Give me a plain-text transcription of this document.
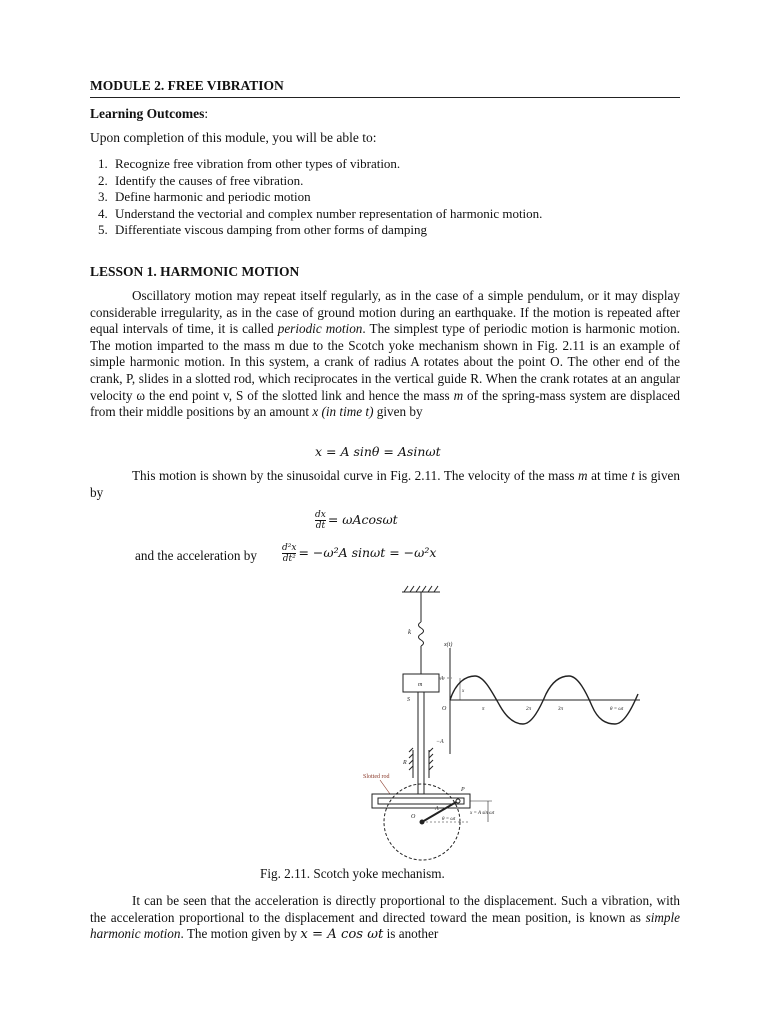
MODULE 2. FREE VIBRATION
Learning Outcomes:
Upon completion of this module, you will be able to:
1. Recognize free vibration from other types of vibration.
2. Identify the causes of free vibration.
3. Define harmonic and periodic motion
4. Understand the vectorial and complex number representation of harmonic motion.
5. Differentiate viscous damping from other forms of damping
LESSON 1. HARMONIC MOTION

Oscillatory motion may repeat itself regularly, as in the case of a simple pendulum, or it may display considerable irregularity, as in the case of ground motion during an earthquake. If the motion is repeated after equal intervals of time, it is called periodic motion. The simplest type of periodic motion is harmonic motion. The motion imparted to the mass m due to the Scotch yoke mechanism shown in Fig. 2.11 is an example of simple harmonic motion. In this system, a crank of radius A rotates about the point O. The other end of the crank, P, slides in a slotted rod, which reciprocates in the vertical guide R. When the crank rotates at an angular velocity ω the end point v, S of the slotted link and hence the mass m of the spring-mass system are displaced from their middle positions by an amount x (in time t) given by

x = A sinθ = Asinωt

This motion is shown by the sinusoidal curve in Fig. 2.11. The velocity of the mass m at time t is given by

$\frac{dx}{dt} = \omega Acos\omega t$
and the acceleration by	$\frac{\text{d²x}}{\text{dt²}} = -\omega^2A$ sinωt = −ω²x
k
m
S
R
Slotted rod
P
A
O	θ = ωt
x = A sin ωt
x(t)
A
−A
O	π	2π	3π	θ = ωt
x
Fig. 2.11. Scotch yoke mechanism.

It can be seen that the acceleration is directly proportional to the displacement. Such a vibration, with the acceleration proportional to the displacement and directed toward the mean position, is known as simple harmonic motion. The motion given by x = A cos ωt is another
